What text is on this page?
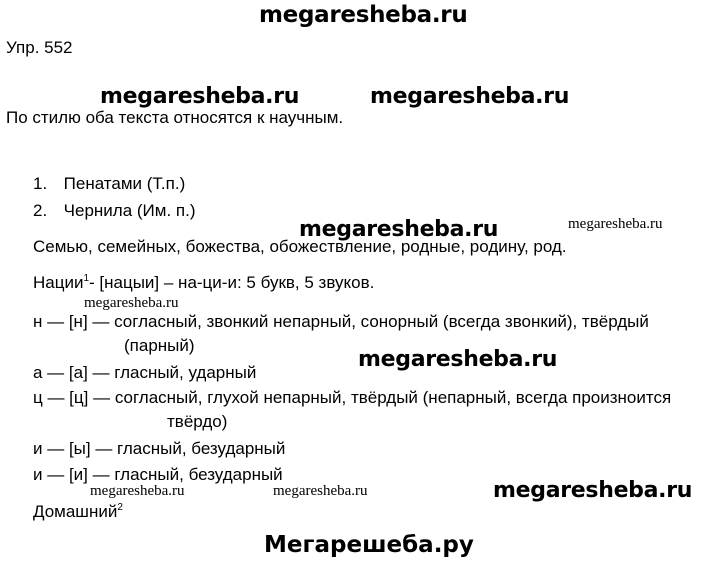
megaresheba.ru
Упр. 552
megaresheba.ru	megaresheba.ru
По стилю оба текста относятся к научным.
1. Пенатами (Т.п.)
2. Чернила (Им. п.)
megaresheba.ru	megaresheba.ru
Семью, семейных, божества, обожествление, родные, родину, род.
Нации$^1$- [нацыи] – на-ци-и: 5 букв, 5 звуков.
megaresheba.ru
н — [н] — согласный, звонкий непарный, сонорный (всегда звонкий), твёрдый
(парный)
megaresheba.ru
а — [а] — гласный, ударный
ц — [ц] — согласный, глухой непарный, твёрдый (непарный, всегда произноится
твёрдо)
и — [ы] — гласный, безударный
и — [и] — гласный, безударный
megaresheba.ru	megaresheba.ru	megaresheba.ru
Домашний$^2$
Мегарешеба.ру
